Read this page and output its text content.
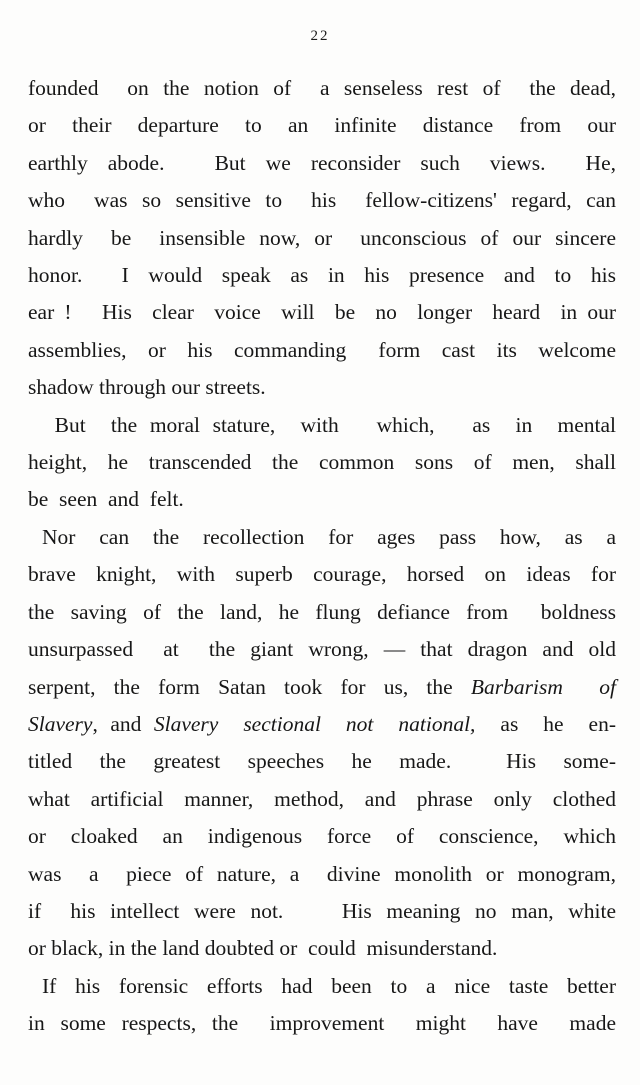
22

founded  on the notion of  a senseless rest of  the dead,
or  their  departure  to  an  infinite  distance  from  our
earthly  abode.     But  we  reconsider  such   views.    He,
who  was so sensitive to  his  fellow-citizens' regard, can
hardly  be  insensible now, or  unconscious of our sincere
honor.    I  would  speak  as  in  his  presence  and  to  his
ear !   His  clear  voice  will  be  no  longer  heard  in our
assemblies,  or  his  commanding   form  cast  its  welcome
shadow through our streets.

But  the moral stature,  with   which,   as  in  mental
height, he transcended the common sons of men, shall
be  seen  and  felt.

Nor  can  the  recollection  for  ages  pass  how,  as  a
brave knight, with superb courage, horsed on ideas for
the saving of the land, he flung defiance from  boldness
unsurpassed  at  the giant wrong, — that dragon and old
serpent, the form Satan took for us, the Barbarism  of
Slavery, and Slavery  sectional  not  national,  as  he  en-
titled  the  greatest  speeches  he  made.    His  some-
what artificial manner, method, and phrase only clothed
or  cloaked  an  indigenous  force  of  conscience,  which
was  a  piece of nature, a  divine monolith or monogram,
if  his intellect were not.    His meaning no man, white
or black, in the land doubted or  could  misunderstand.

If his forensic efforts had been to a nice taste better
in some respects, the  improvement  might  have  made
